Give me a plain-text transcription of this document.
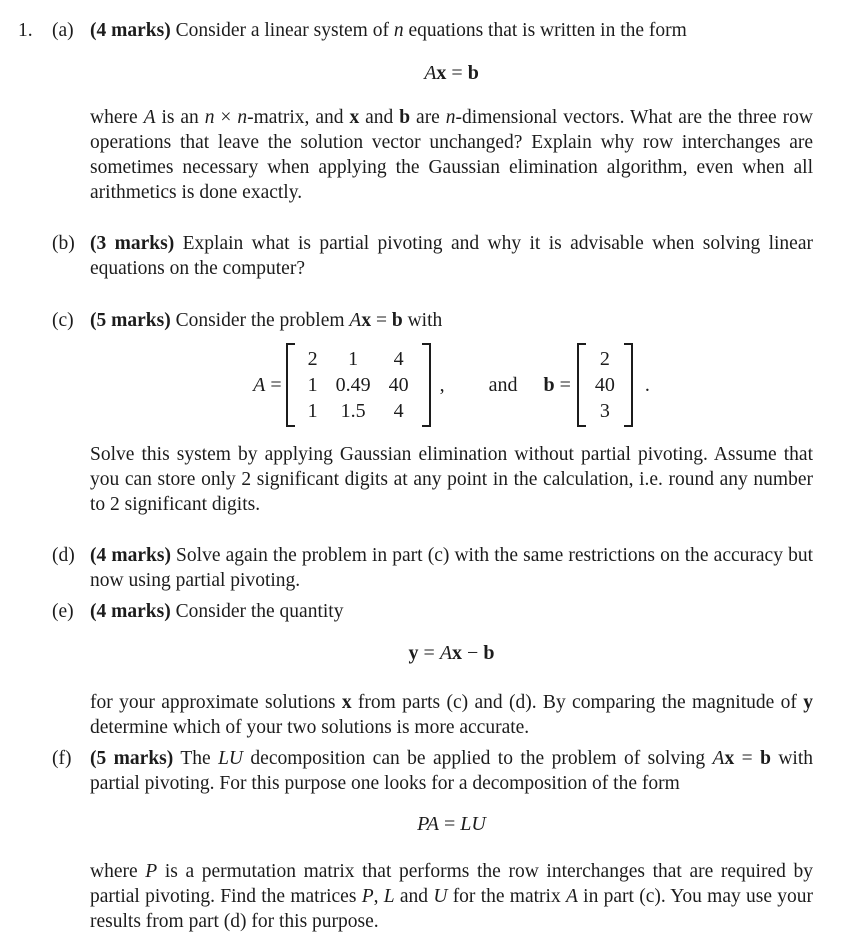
1. (a) (4 marks) Consider a linear system of n equations that is written in the form
Ax = b
where A is an n × n-matrix, and x and b are n-dimensional vectors. What are the three row operations that leave the solution vector unchanged? Explain why row interchanges are sometimes necessary when applying the Gaussian elimination algorithm, even when all arithmetics is done exactly.
(b) (3 marks) Explain what is partial pivoting and why it is advisable when solving linear equations on the computer?
(c) (5 marks) Consider the problem Ax = b with
A =
2	1	4
1 0.49 40
1	1.5	4
, and b =
2
40
3
.
Solve this system by applying Gaussian elimination without partial pivoting. Assume that you can store only 2 significant digits at any point in the calculation, i.e. round any number to 2 significant digits.
(d) (4 marks) Solve again the problem in part (c) with the same restrictions on the accuracy but now using partial pivoting.
(e) (4 marks) Consider the quantity
y = Ax − b
for your approximate solutions x from parts (c) and (d). By comparing the magnitude of y determine which of your two solutions is more accurate.
(f) (5 marks) The LU decomposition can be applied to the problem of solving Ax = b with partial pivoting. For this purpose one looks for a decomposition of the form
PA = LU
where P is a permutation matrix that performs the row interchanges that are required by partial pivoting. Find the matrices P, L and U for the matrix A in part (c). You may use your results from part (d) for this purpose.
